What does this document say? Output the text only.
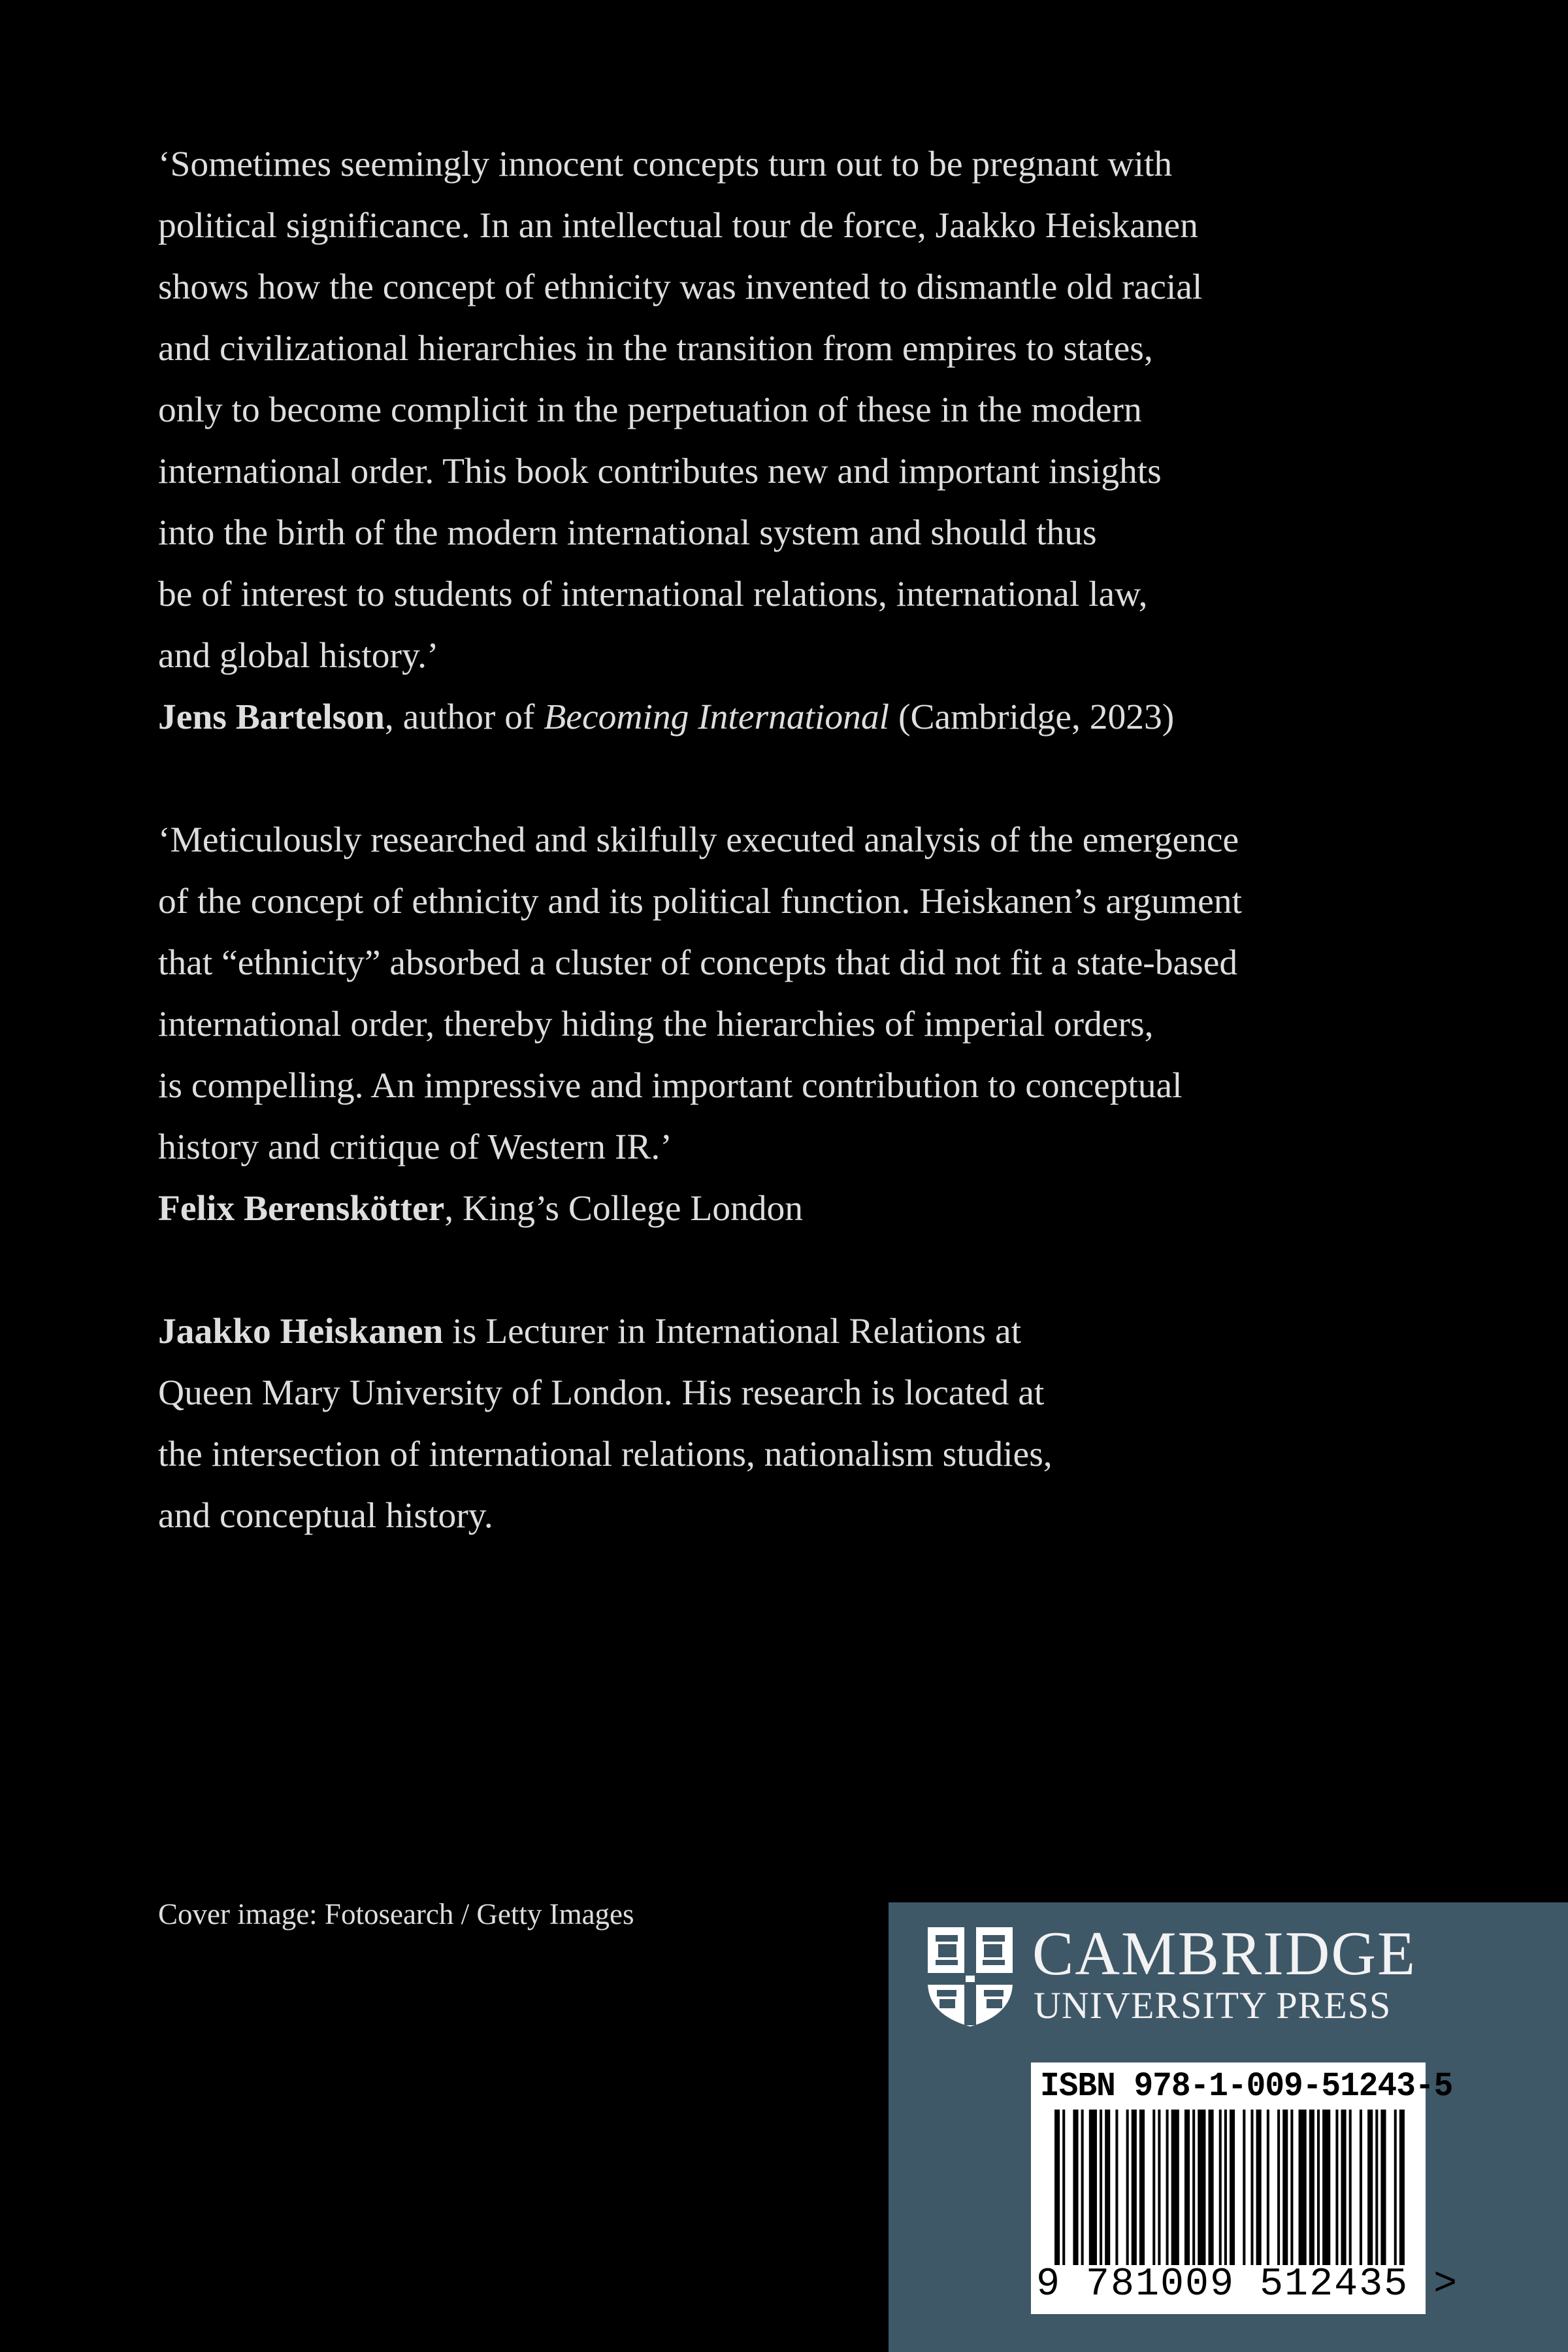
‘Sometimes seemingly innocent concepts turn out to be pregnant with
political significance. In an intellectual tour de force, Jaakko Heiskanen
shows how the concept of ethnicity was invented to dismantle old racial
and civilizational hierarchies in the transition from empires to states,
only to become complicit in the perpetuation of these in the modern
international order. This book contributes new and important insights
into the birth of the modern international system and should thus
be of interest to students of international relations, international law,
and global history.’
Jens Bartelson, author of Becoming International (Cambridge, 2023)
‘Meticulously researched and skilfully executed analysis of the emergence
of the concept of ethnicity and its political function. Heiskanen’s argument
that “ethnicity” absorbed a cluster of concepts that did not fit a state-based
international order, thereby hiding the hierarchies of imperial orders,
is compelling. An impressive and important contribution to conceptual
history and critique of Western IR.’
Felix Berenskötter, King’s College London
Jaakko Heiskanen is Lecturer in International Relations at
Queen Mary University of London. His research is located at
the intersection of international relations, nationalism studies,
and conceptual history.
Cover image: Fotosearch / Getty Images
CAMBRIDGE
UNIVERSITY PRESS
ISBN 978-1-009-51243-5
9 781009 512435 >
